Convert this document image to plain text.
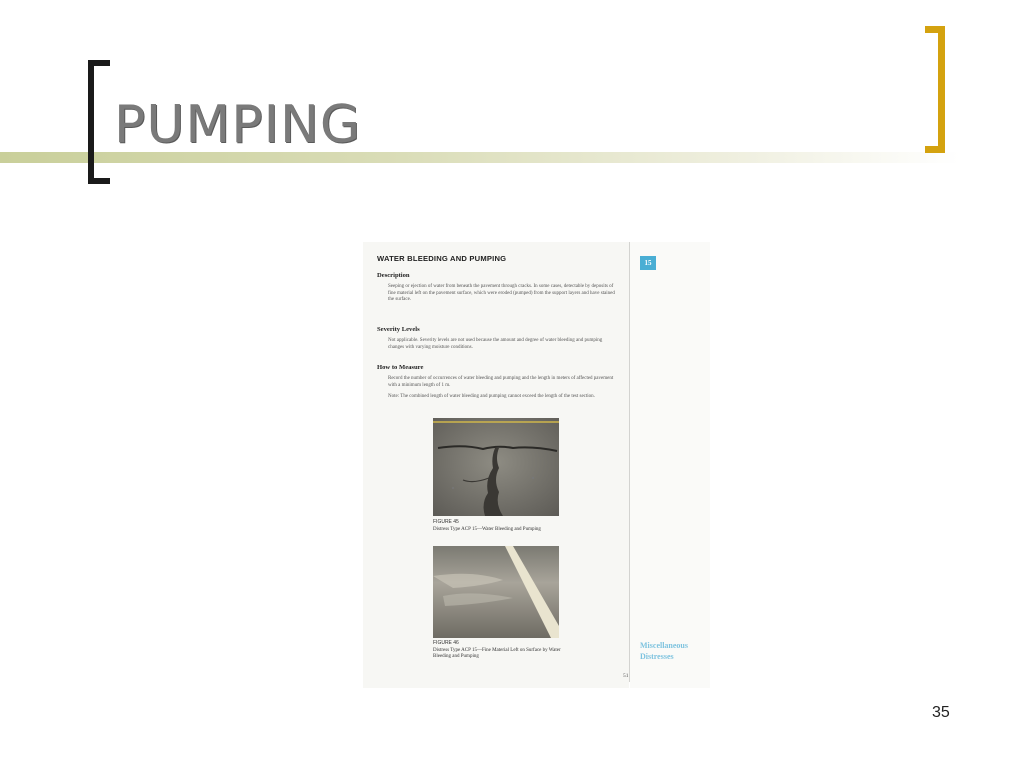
PUMPING
WATER BLEEDING AND PUMPING
Description
Seeping or ejection of water from beneath the pavement through cracks. In some cases, detectable by deposits of fine material left on the pavement surface, which were eroded (pumped) from the support layers and have stained the surface.
Severity Levels
Not applicable. Severity levels are not used because the amount and degree of water bleeding and pumping changes with varying moisture conditions.
How to Measure
Record the number of occurrences of water bleeding and pumping and the length in meters of affected pavement with a minimum length of 1 m.
Note: The combined length of water bleeding and pumping cannot exceed the length of the test section.
FIGURE 45
Distress Type ACP 15—Water Bleeding and Pumping
FIGURE 46
Distress Type ACP 15—Fine Material Left on Surface by Water Bleeding and Pumping
51
15
Miscellaneous Distresses
35
